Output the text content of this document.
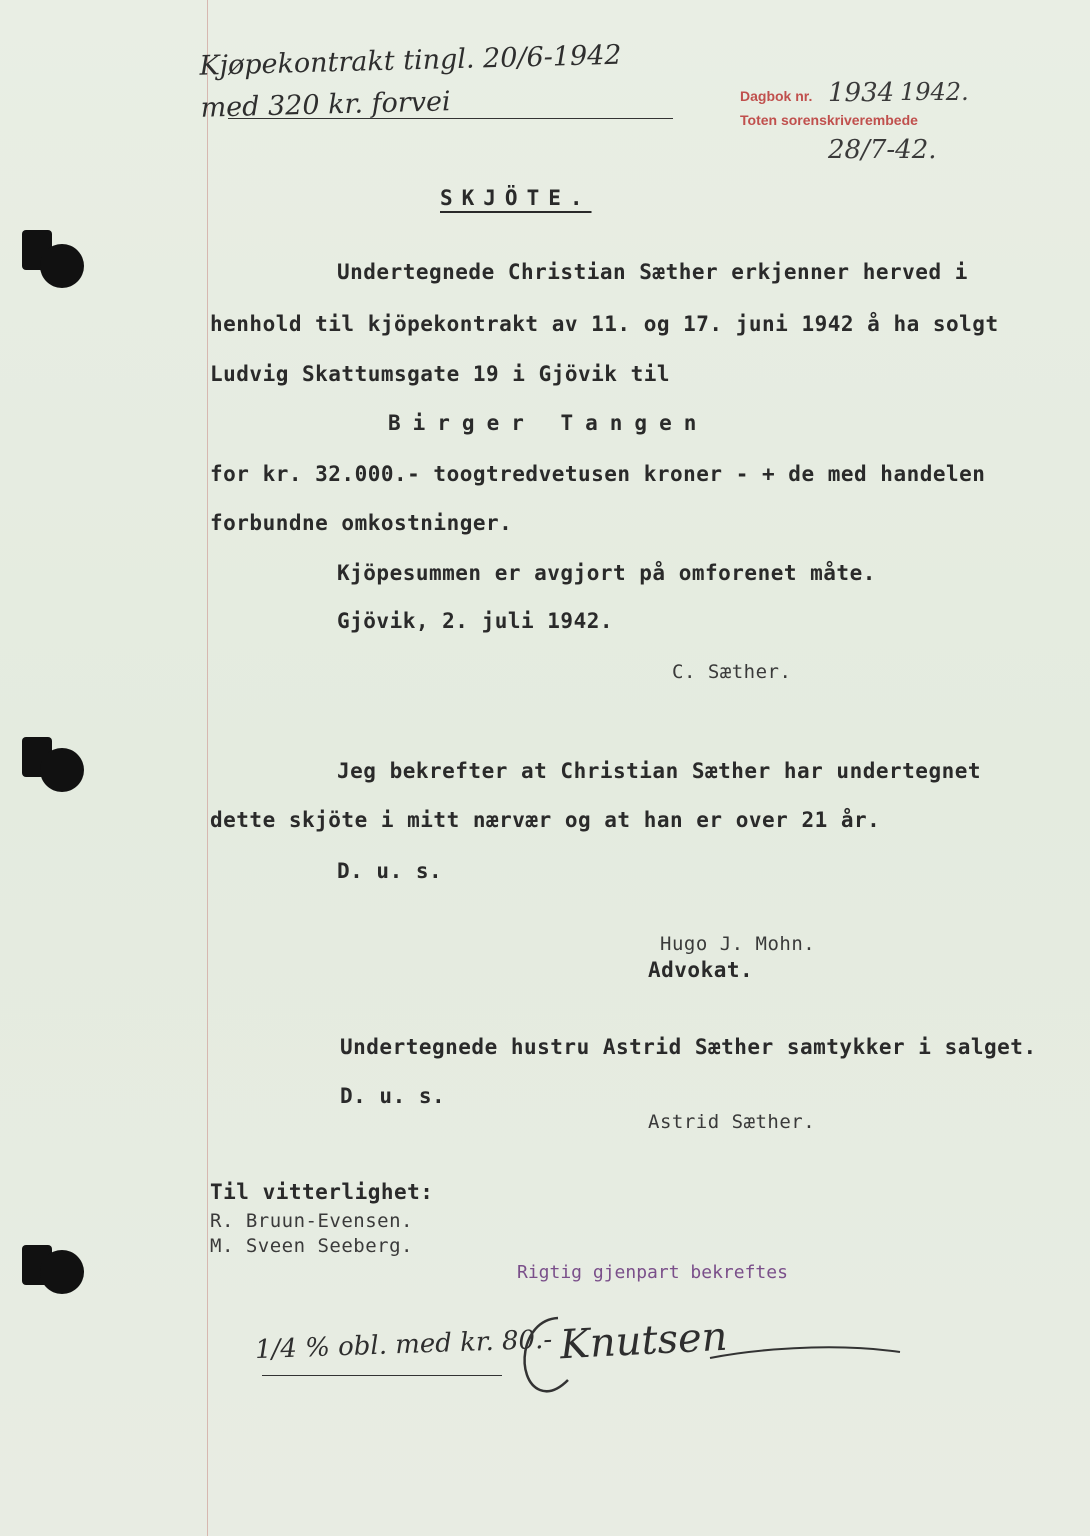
Kjøpekontrakt tingl. 20/6-1942 med 320 kr. forvei	Dagbok nr. 1934 1942.
Toten sorenskriverembede
28/7-42.
SKJÖTE.
Undertegnede Christian Sæther erkjenner herved i
henhold til kjöpekontrakt av 11. og 17. juni 1942 å ha solgt
Ludvig Skattumsgate 19 i Gjövik til
Birger Tangen
for kr. 32.000.- toogtredvetusen kroner - + de med handelen
forbundne omkostninger.
Kjöpesummen er avgjort på omforenet måte.
Gjövik, 2. juli 1942.
C. Sæther.
Jeg bekrefter at Christian Sæther har undertegnet
dette skjöte i mitt nærvær og at han er over 21 år.
D. u. s.
Hugo J. Mohn.
Advokat.
Undertegnede hustru Astrid Sæther samtykker i salget.
D. u. s.
Astrid Sæther.
Til vitterlighet:
R. Bruun-Evensen.
M. Sveen Seeberg.
Rigtig gjenpart bekreftes
1/4 % obl. med kr. 80.- Knutsen
